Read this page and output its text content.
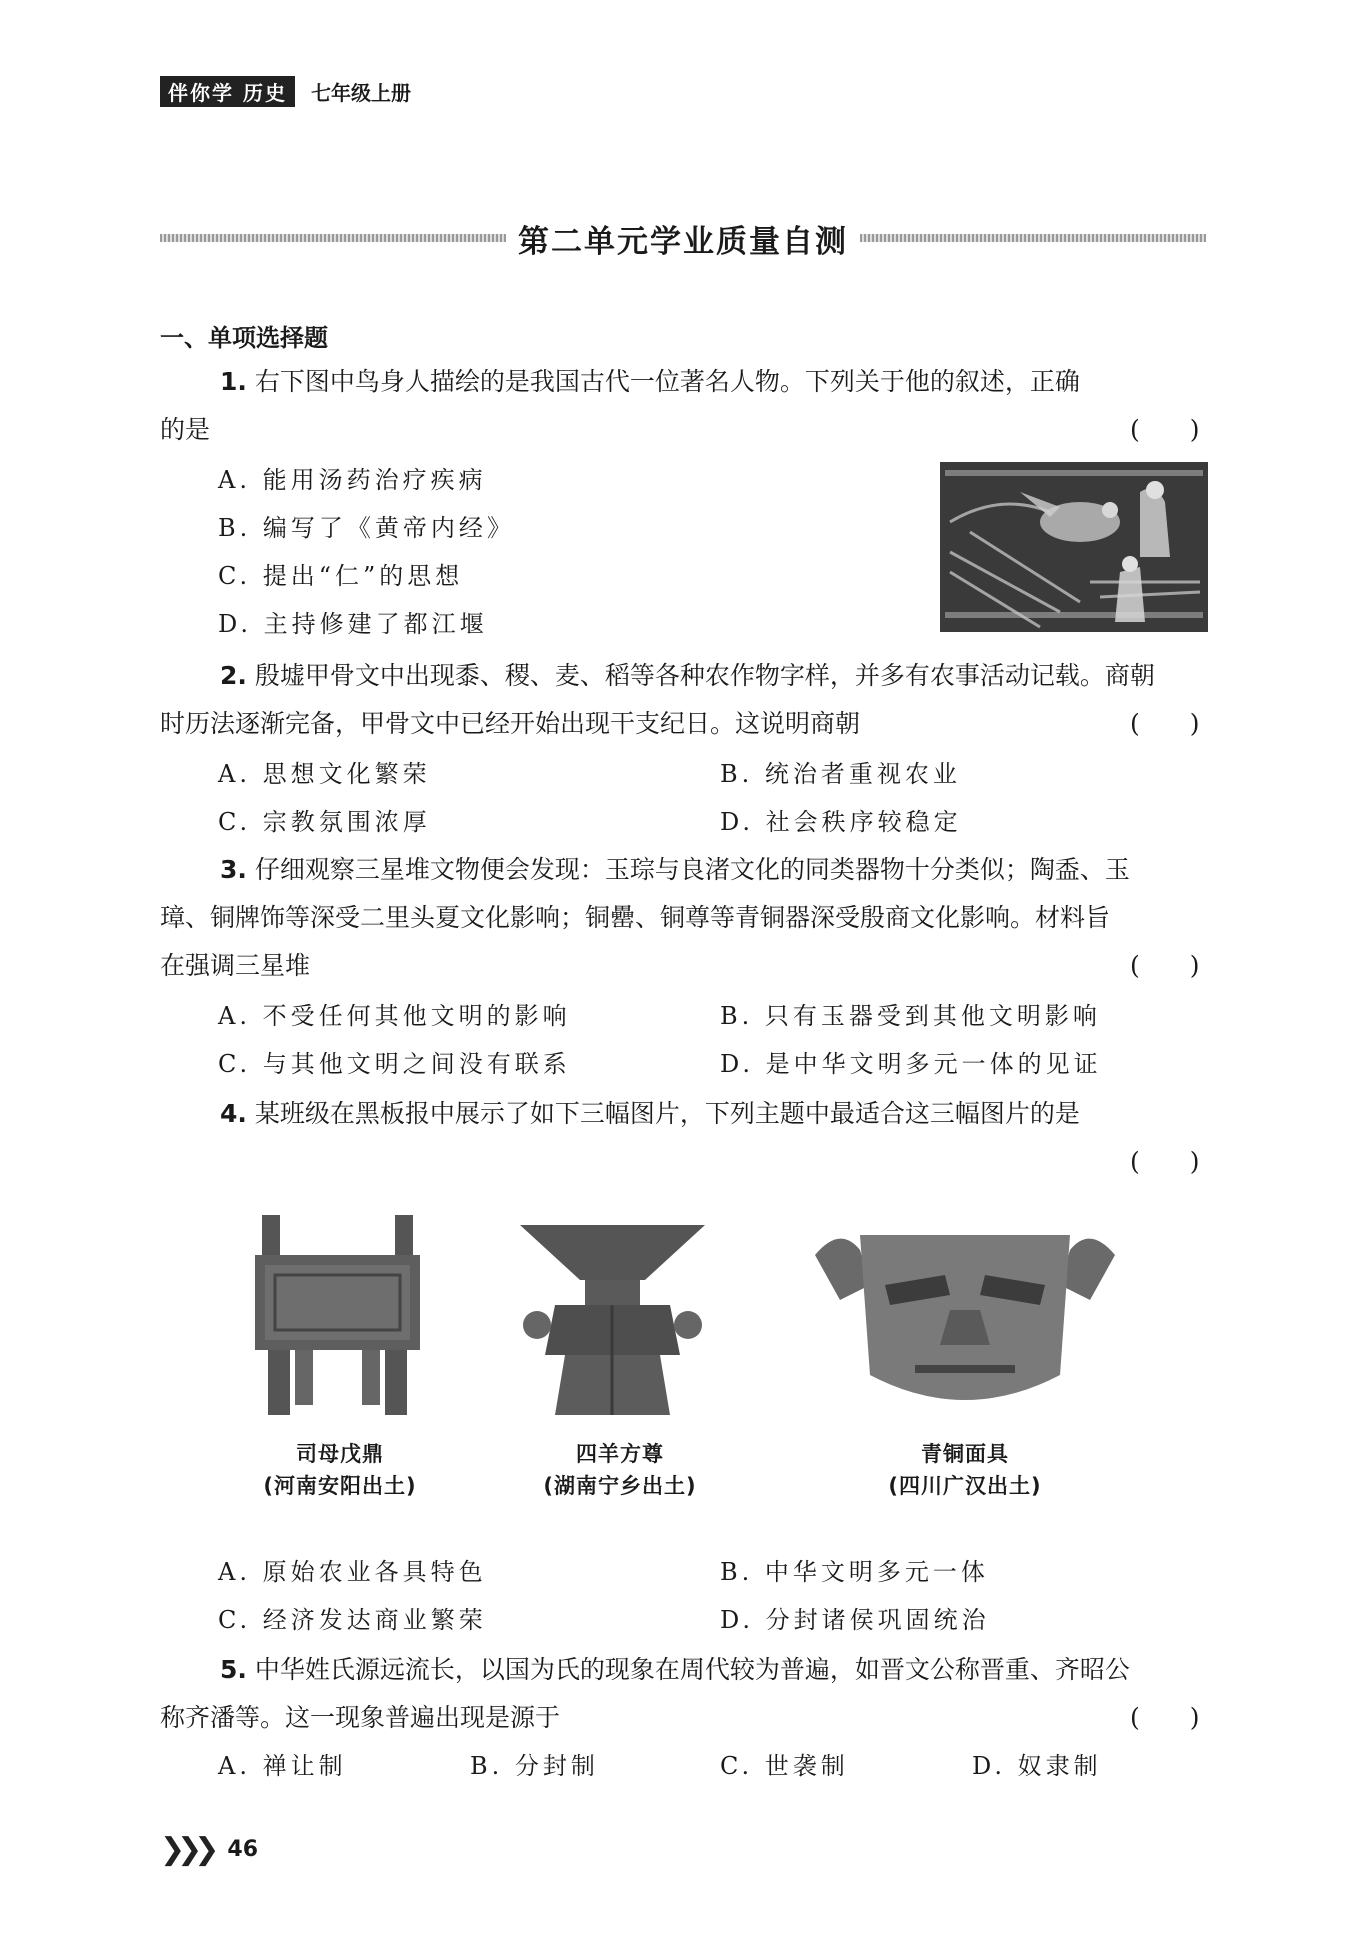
伴你学 历史	七年级上册
第二单元学业质量自测
一、单项选择题
1. 右下图中鸟身人描绘的是我国古代一位著名人物。下列关于他的叙述，正确
的是	(　　)
A. 能用汤药治疗疾病
B. 编写了《黄帝内经》
C. 提出“仁”的思想
D. 主持修建了都江堰
2. 殷墟甲骨文中出现黍、稷、麦、稻等各种农作物字样，并多有农事活动记载。商朝
时历法逐渐完备，甲骨文中已经开始出现干支纪日。这说明商朝	(　　)
A. 思想文化繁荣	B. 统治者重视农业
C. 宗教氛围浓厚	D. 社会秩序较稳定
3. 仔细观察三星堆文物便会发现：玉琮与良渚文化的同类器物十分类似；陶盉、玉
璋、铜牌饰等深受二里头夏文化影响；铜罍、铜尊等青铜器深受殷商文化影响。材料旨
在强调三星堆	(　　)
A. 不受任何其他文明的影响	B. 只有玉器受到其他文明影响
C. 与其他文明之间没有联系	D. 是中华文明多元一体的见证
4. 某班级在黑板报中展示了如下三幅图片，下列主题中最适合这三幅图片的是
(　　)
司母戊鼎
(河南安阳出土)
四羊方尊
(湖南宁乡出土)
青铜面具
(四川广汉出土)
A. 原始农业各具特色	B. 中华文明多元一体
C. 经济发达商业繁荣	D. 分封诸侯巩固统治
5. 中华姓氏源远流长，以国为氏的现象在周代较为普遍，如晋文公称晋重、齐昭公
称齐潘等。这一现象普遍出现是源于	(　　)
A. 禅让制	B. 分封制	C. 世袭制	D. 奴隶制
❯❯❯ 46
